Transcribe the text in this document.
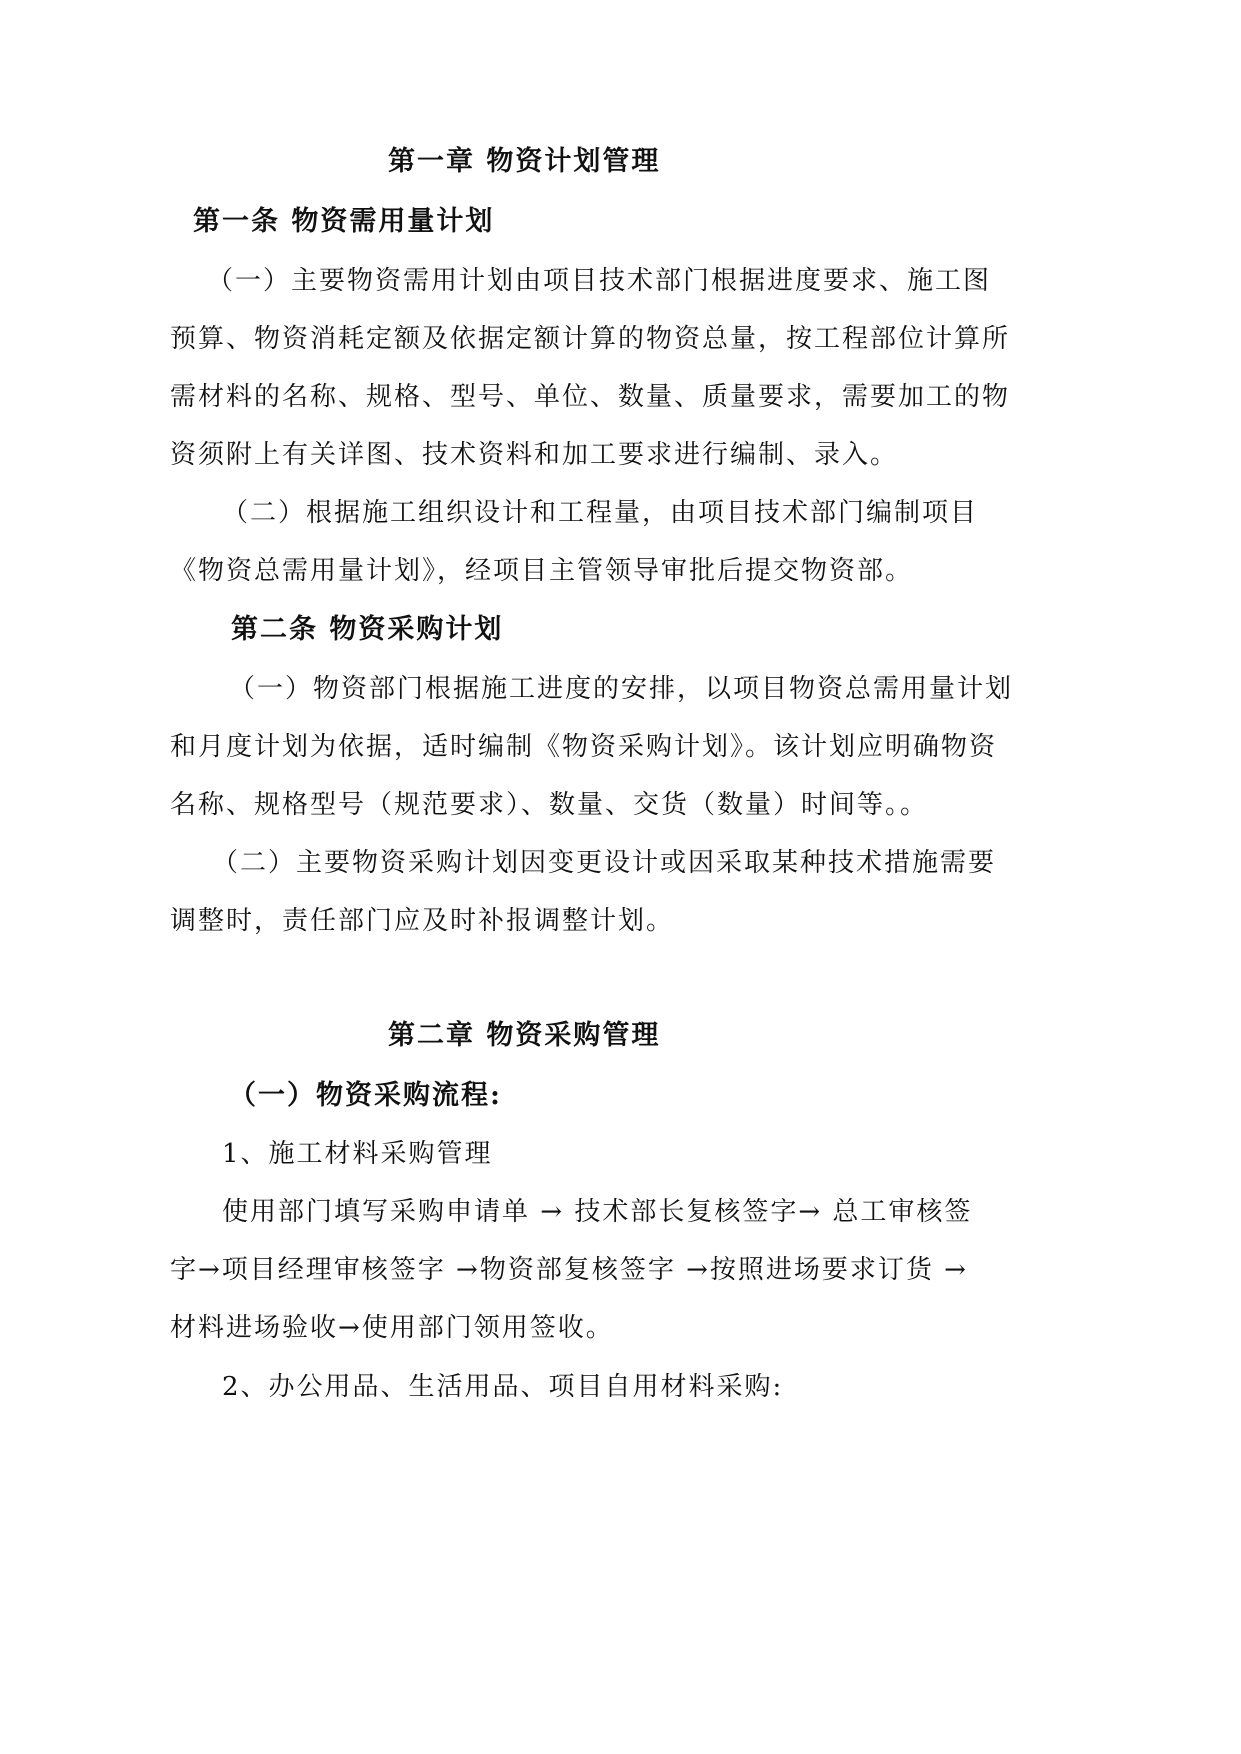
第一章 物资计划管理
第一条 物资需用量计划
（一）主要物资需用计划由项目技术部门根据进度要求、施工图
预算、物资消耗定额及依据定额计算的物资总量，按工程部位计算所
需材料的名称、规格、型号、单位、数量、质量要求，需要加工的物
资须附上有关详图、技术资料和加工要求进行编制、录入。
（二）根据施工组织设计和工程量，由项目技术部门编制项目
《物资总需用量计划》，经项目主管领导审批后提交物资部。
第二条 物资采购计划
（一）物资部门根据施工进度的安排，以项目物资总需用量计划
和月度计划为依据，适时编制《物资采购计划》。该计划应明确物资
名称、规格型号（规范要求）、数量、交货（数量）时间等。。
（二）主要物资采购计划因变更设计或因采取某种技术措施需要
调整时，责任部门应及时补报调整计划。
第二章 物资采购管理
（一）物资采购流程:
1、施工材料采购管理
使用部门填写采购申请单 → 技术部长复核签字→ 总工审核签
字→项目经理审核签字 →物资部复核签字 →按照进场要求订货 →
材料进场验收→使用部门领用签收。
2、办公用品、生活用品、项目自用材料采购:
